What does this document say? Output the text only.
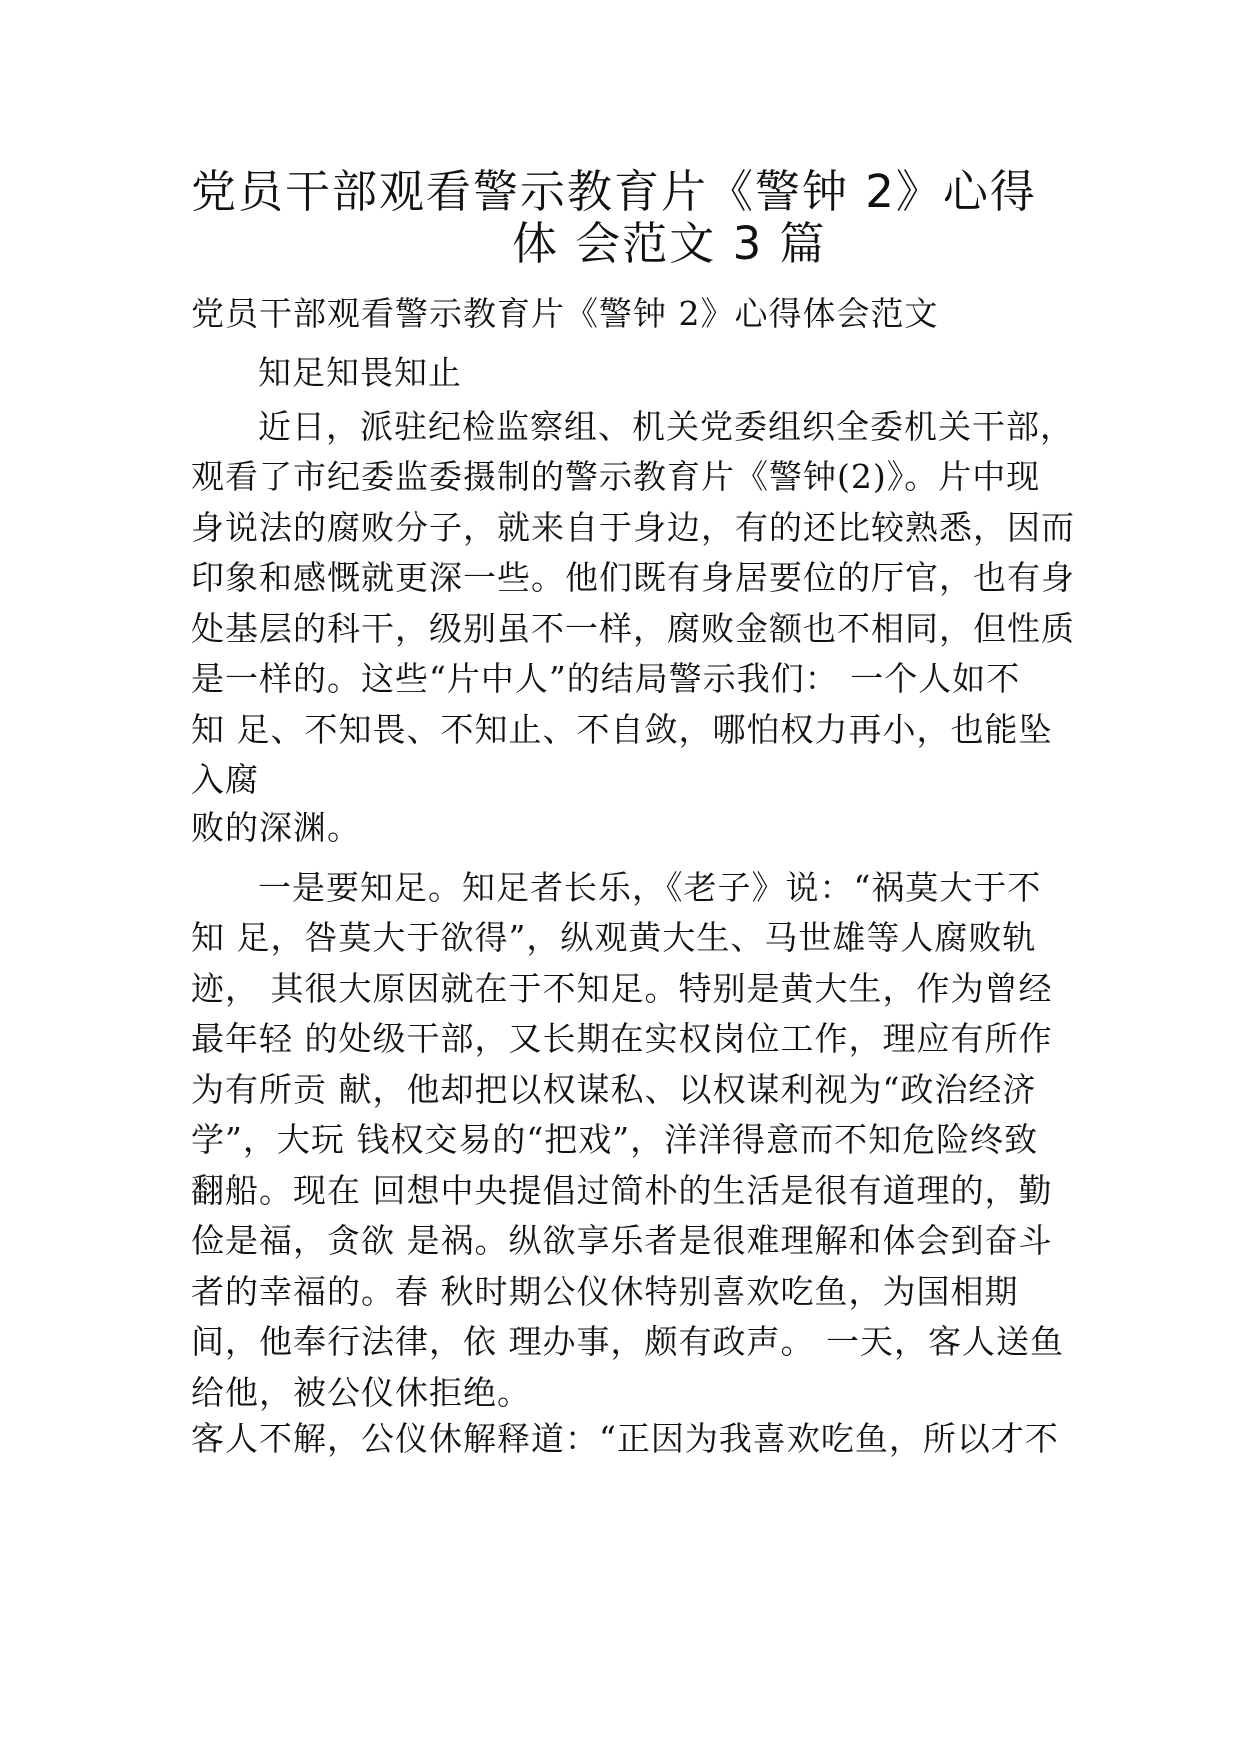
党员干部观看警示教育片《警钟 2》心得
体 会范文 3 篇
党员干部观看警示教育片《警钟 2》心得体会范文
知足知畏知止
近日，派驻纪检监察组、机关党委组织全委机关干部，
观看了市纪委监委摄制的警示教育片《警钟(2)》。片中现
身说法的腐败分子，就来自于身边，有的还比较熟悉，因而
印象和感慨就更深一些。他们既有身居要位的厅官，也有身
处基层的科干，级别虽不一样，腐败金额也不相同，但性质
是一样的。这些“片中人”的结局警示我们： 一个人如不
知 足、不知畏、不知止、不自敛，哪怕权力再小，也能坠
入腐
败的深渊。
一是要知足。知足者长乐，《老子》说：“祸莫大于不
知 足，咎莫大于欲得”，纵观黄大生、马世雄等人腐败轨
迹， 其很大原因就在于不知足。特别是黄大生，作为曾经
最年轻 的处级干部，又长期在实权岗位工作，理应有所作
为有所贡 献，他却把以权谋私、以权谋利视为“政治经济
学”，大玩 钱权交易的“把戏”，洋洋得意而不知危险终致
翻船。现在 回想中央提倡过简朴的生活是很有道理的，勤
俭是福，贪欲 是祸。纵欲享乐者是很难理解和体会到奋斗
者的幸福的。春 秋时期公仪休特别喜欢吃鱼，为国相期
间，他奉行法律，依 理办事，颇有政声。 一天，客人送鱼
给他，被公仪休拒绝。
客人不解，公仪休解释道：“正因为我喜欢吃鱼，所以才不
